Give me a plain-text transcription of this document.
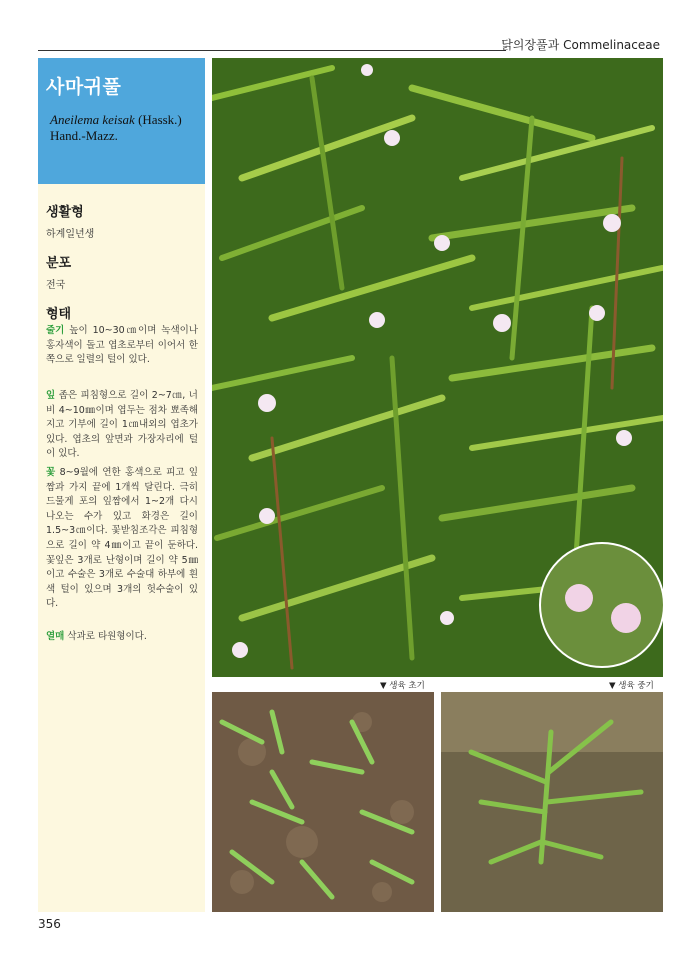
닭의장풀과 Commelinaceae
사마귀풀
Aneilema keisak (Hassk.)
Hand.-Mazz.
생활형
하계일년생
분포
전국
형태
줄기 높이 10~30㎝이며 녹색이나 홍자색이 돌고 엽초로부터 이어서 한쪽으로 일렬의 털이 있다.
잎 좁은 피침형으로 길이 2~7㎝, 너비 4~10㎜이며 엽두는 점차 뾰족해지고 기부에 길이 1㎝내외의 엽초가 있다. 엽초의 앞면과 가장자리에 털이 있다.
꽃 8~9월에 연한 홍색으로 피고 잎짬과 가지 끝에 1개씩 달린다. 극히 드물게 포의 잎짬에서 1~2개 다시 나오는 수가 있고 화경은 길이 1.5~3㎝이다. 꽃받침조각은 피침형으로 길이 약 4㎜이고 끝이 둔하다. 꽃잎은 3개로 난형이며 길이 약 5㎜이고 수술은 3개로 수술대 하부에 흰색 털이 있으며 3개의 헛수술이 있다.
열매 삭과로 타원형이다.
▼ 생육 초기	▼ 생육 중기
356
